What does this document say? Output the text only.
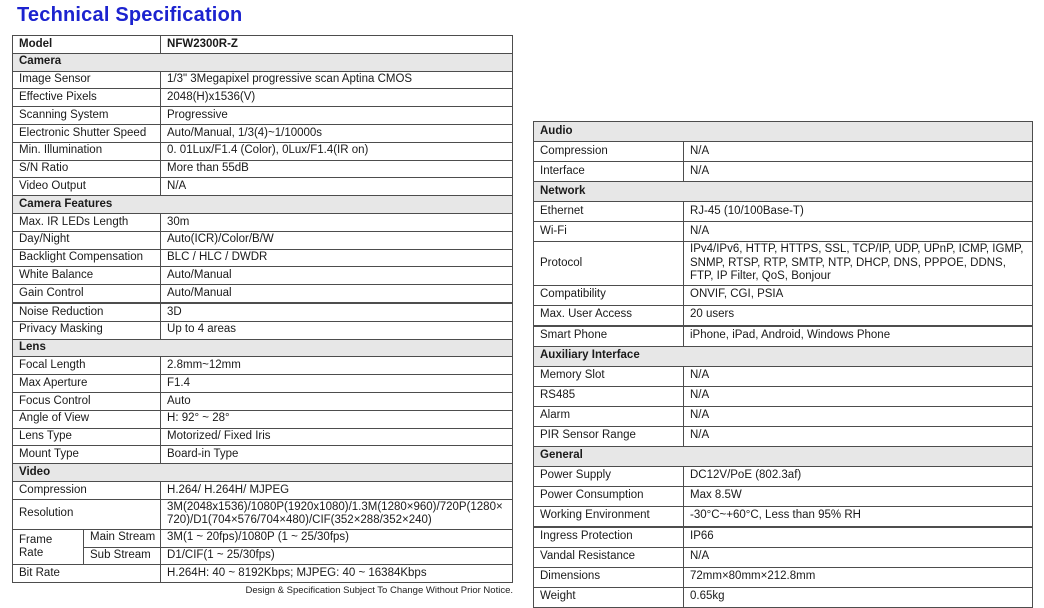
Technical Specification
Model		NFW2300R-Z
Camera		
Image Sensor		1/3" 3Megapixel progressive scan Aptina CMOS
Effective Pixels		2048(H)x1536(V)
Scanning System		Progressive
Electronic Shutter Speed		Auto/Manual, 1/3(4)~1/10000s
Min. Illumination		0. 01Lux/F1.4 (Color), 0Lux/F1.4(IR on)
S/N Ratio		More than 55dB
Video Output		N/A
Camera Features		
Max. IR LEDs Length		30m
Day/Night		Auto(ICR)/Color/B/W
Backlight Compensation		BLC / HLC / DWDR
White Balance		Auto/Manual
Gain Control		Auto/Manual
Noise Reduction		3D
Privacy Masking		Up to 4 areas
Lens		
Focal Length		2.8mm~12mm
Max Aperture		F1.4
Focus Control		Auto
Angle of View		H: 92° ~ 28°
Lens Type		Motorized/ Fixed Iris
Mount Type		Board-in Type
Video		
Compression		H.264/ H.264H/ MJPEG
Resolution		3M(2048x1536)/1080P(1920x1080)/1.3M(1280×960)/720P(1280×720)/D1(704×576/704×480)/CIF(352×288/352×240)
Frame Rate	Main Stream	3M(1 ~ 20fps)/1080P (1 ~ 25/30fps)
	Sub Stream	D1/CIF(1 ~ 25/30fps)
Bit Rate		H.264H: 40 ~ 8192Kbps; MJPEG: 40 ~ 16384Kbps
Audio	
Compression	N/A
Interface	N/A
Network	
Ethernet	RJ-45 (10/100Base-T)
Wi-Fi	N/A
Protocol	IPv4/IPv6, HTTP, HTTPS, SSL, TCP/IP, UDP, UPnP, ICMP, IGMP, SNMP, RTSP, RTP, SMTP, NTP, DHCP, DNS, PPPOE, DDNS, FTP, IP Filter, QoS, Bonjour
Compatibility	ONVIF, CGI, PSIA
Max. User Access	20 users
Smart Phone	iPhone, iPad, Android, Windows Phone
Auxiliary Interface	
Memory Slot	N/A
RS485	N/A
Alarm	N/A
PIR Sensor Range	N/A
General	
Power Supply	DC12V/PoE (802.3af)
Power Consumption	Max 8.5W
Working Environment	-30°C~+60°C, Less than 95% RH
Ingress Protection	IP66
Vandal Resistance	N/A
Dimensions	72mm×80mm×212.8mm
Weight	0.65kg
Design & Specification Subject To Change Without Prior Notice.
